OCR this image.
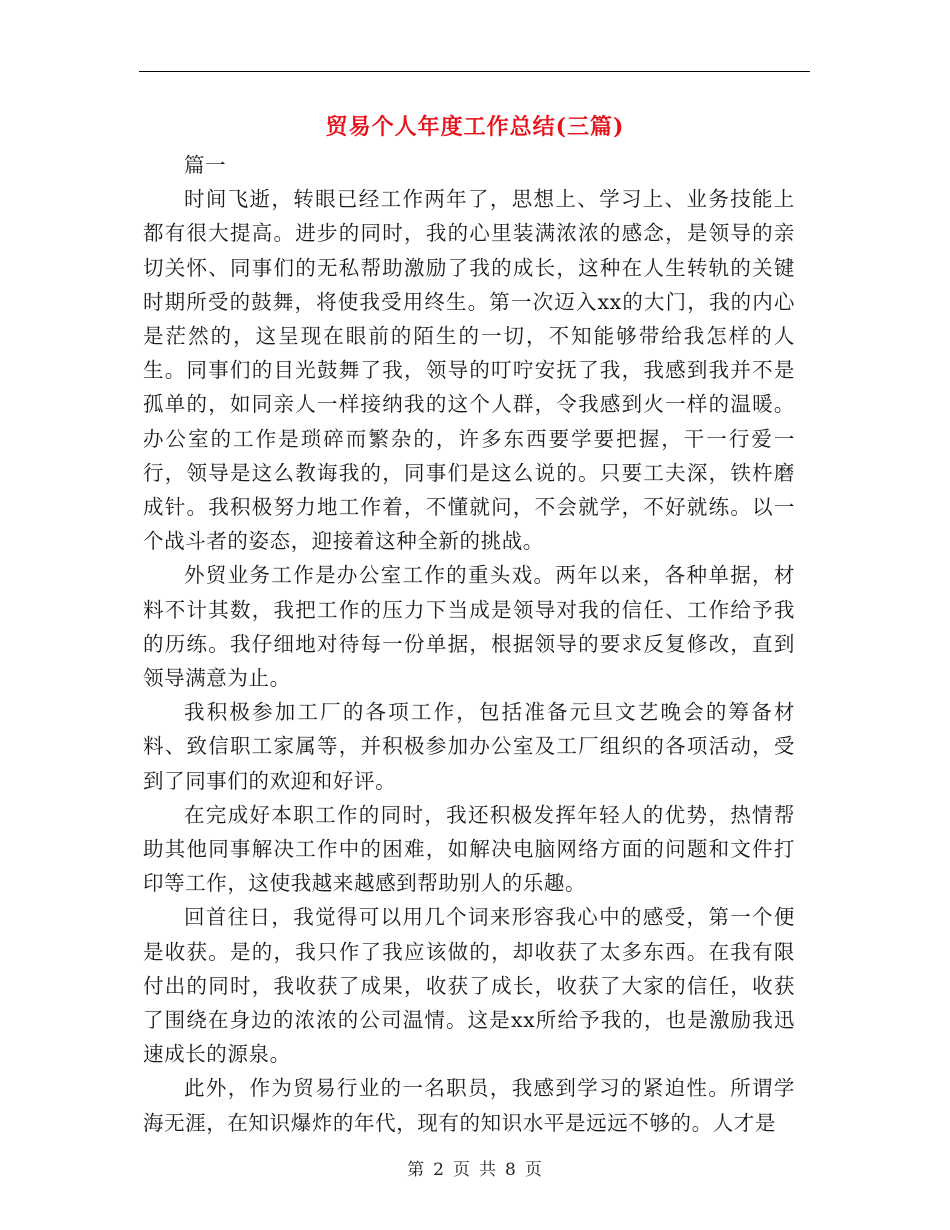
贸易个人年度工作总结(三篇)

篇一

时间飞逝，转眼已经工作两年了，思想上、学习上、业务技能上都有很大提高。进步的同时，我的心里装满浓浓的感念，是领导的亲切关怀、同事们的无私帮助激励了我的成长，这种在人生转轨的关键时期所受的鼓舞，将使我受用终生。第一次迈入xx的大门，我的内心是茫然的，这呈现在眼前的陌生的一切，不知能够带给我怎样的人生。同事们的目光鼓舞了我，领导的叮咛安抚了我，我感到我并不是孤单的，如同亲人一样接纳我的这个人群，令我感到火一样的温暖。办公室的工作是琐碎而繁杂的，许多东西要学要把握，干一行爱一行，领导是这么教诲我的，同事们是这么说的。只要工夫深，铁杵磨成针。我积极努力地工作着，不懂就问，不会就学，不好就练。以一个战斗者的姿态，迎接着这种全新的挑战。

外贸业务工作是办公室工作的重头戏。两年以来，各种单据，材料不计其数，我把工作的压力下当成是领导对我的信任、工作给予我的历练。我仔细地对待每一份单据，根据领导的要求反复修改，直到领导满意为止。

我积极参加工厂的各项工作，包括准备元旦文艺晚会的筹备材料、致信职工家属等，并积极参加办公室及工厂组织的各项活动，受到了同事们的欢迎和好评。

在完成好本职工作的同时，我还积极发挥年轻人的优势，热情帮助其他同事解决工作中的困难，如解决电脑网络方面的问题和文件打印等工作，这使我越来越感到帮助别人的乐趣。

回首往日，我觉得可以用几个词来形容我心中的感受，第一个便是收获。是的，我只作了我应该做的，却收获了太多东西。在我有限付出的同时，我收获了成果，收获了成长，收获了大家的信任，收获了围绕在身边的浓浓的公司温情。这是xx所给予我的，也是激励我迅速成长的源泉。

此外，作为贸易行业的一名职员，我感到学习的紧迫性。所谓学海无涯，在知识爆炸的年代，现有的知识水平是远远不够的。人才是

第 2 页 共 8 页
